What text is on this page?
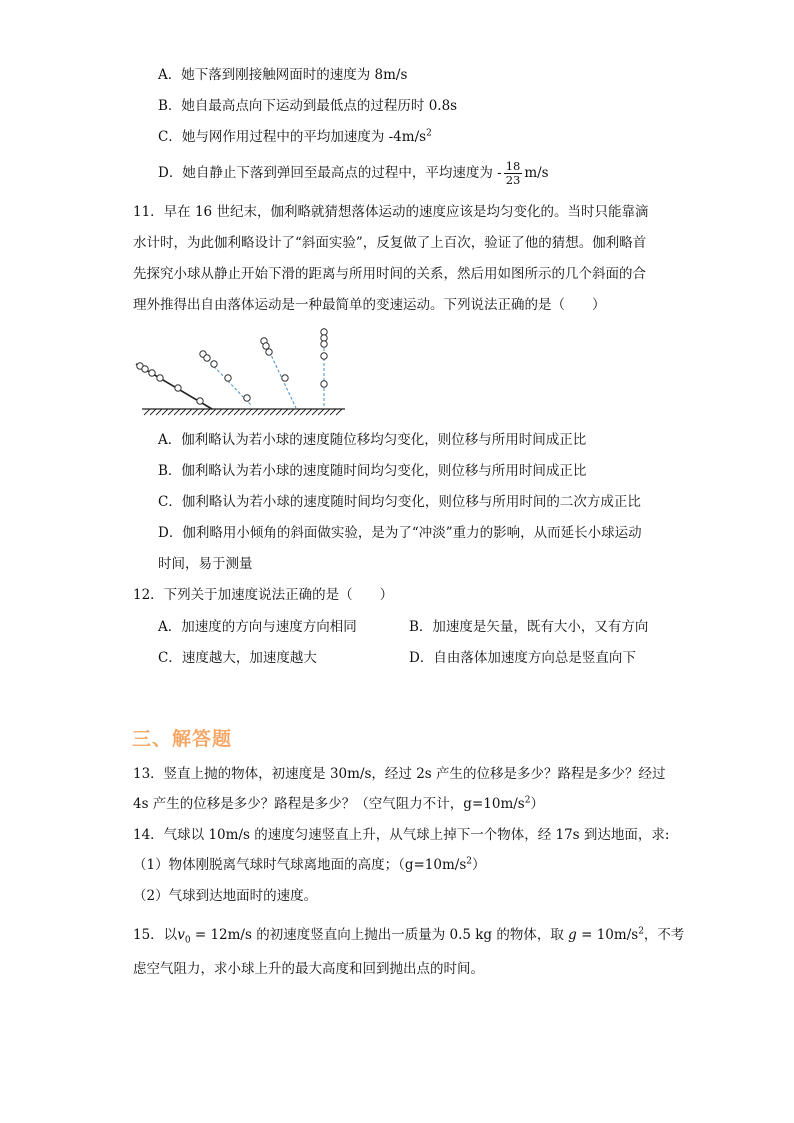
A．她下落到刚接触网面时的速度为 8m/s
B．她自最高点向下运动到最低点的过程历时 0.8s
C．她与网作用过程中的平均加速度为 $-4m/s^2$
D．她自静止下落到弹回至最高点的过程中，平均速度为 - $\frac{18}{23} m/s$
11．早在 16 世纪末，伽利略就猜想落体运动的速度应该是均匀变化的。当时只能靠滴
水计时，为此伽利略设计了“斜面实验”，反复做了上百次，验证了他的猜想。伽利略首
先探究小球从静止开始下滑的距离与所用时间的关系，然后用如图所示的几个斜面的合
理外推得出自由落体运动是一种最简单的变速运动。下列说法正确的是（　　）
A．伽利略认为若小球的速度随位移均匀变化，则位移与所用时间成正比
B．伽利略认为若小球的速度随时间均匀变化，则位移与所用时间成正比
C．伽利略认为若小球的速度随时间均匀变化，则位移与所用时间的二次方成正比
D．伽利略用小倾角的斜面做实验，是为了“冲淡”重力的影响，从而延长小球运动
时间，易于测量
12．下列关于加速度说法正确的是（　　）
A．加速度的方向与速度方向相同	B．加速度是矢量，既有大小，又有方向
C．速度越大，加速度越大	D．自由落体加速度方向总是竖直向下
三、解答题
13．竖直上抛的物体，初速度是 30m/s，经过 2s 产生的位移是多少？路程是多少？经过
4s 产生的位移是多少？路程是多少？（空气阻力不计，$g=10m/s^2$）
14．气球以 10m/s 的速度匀速竖直上升，从气球上掉下一个物体，经 17s 到达地面，求:
（1）物体刚脱离气球时气球离地面的高度；$(g=10m/s^2)$
（2）气球到达地面时的速度。
15．以$v_0 = 12m/s$ 的初速度竖直向上抛出一质量为 0.5 kg 的物体，取 $g = 10m/s^2$，不考
虑空气阻力，求小球上升的最大高度和回到抛出点的时间。
